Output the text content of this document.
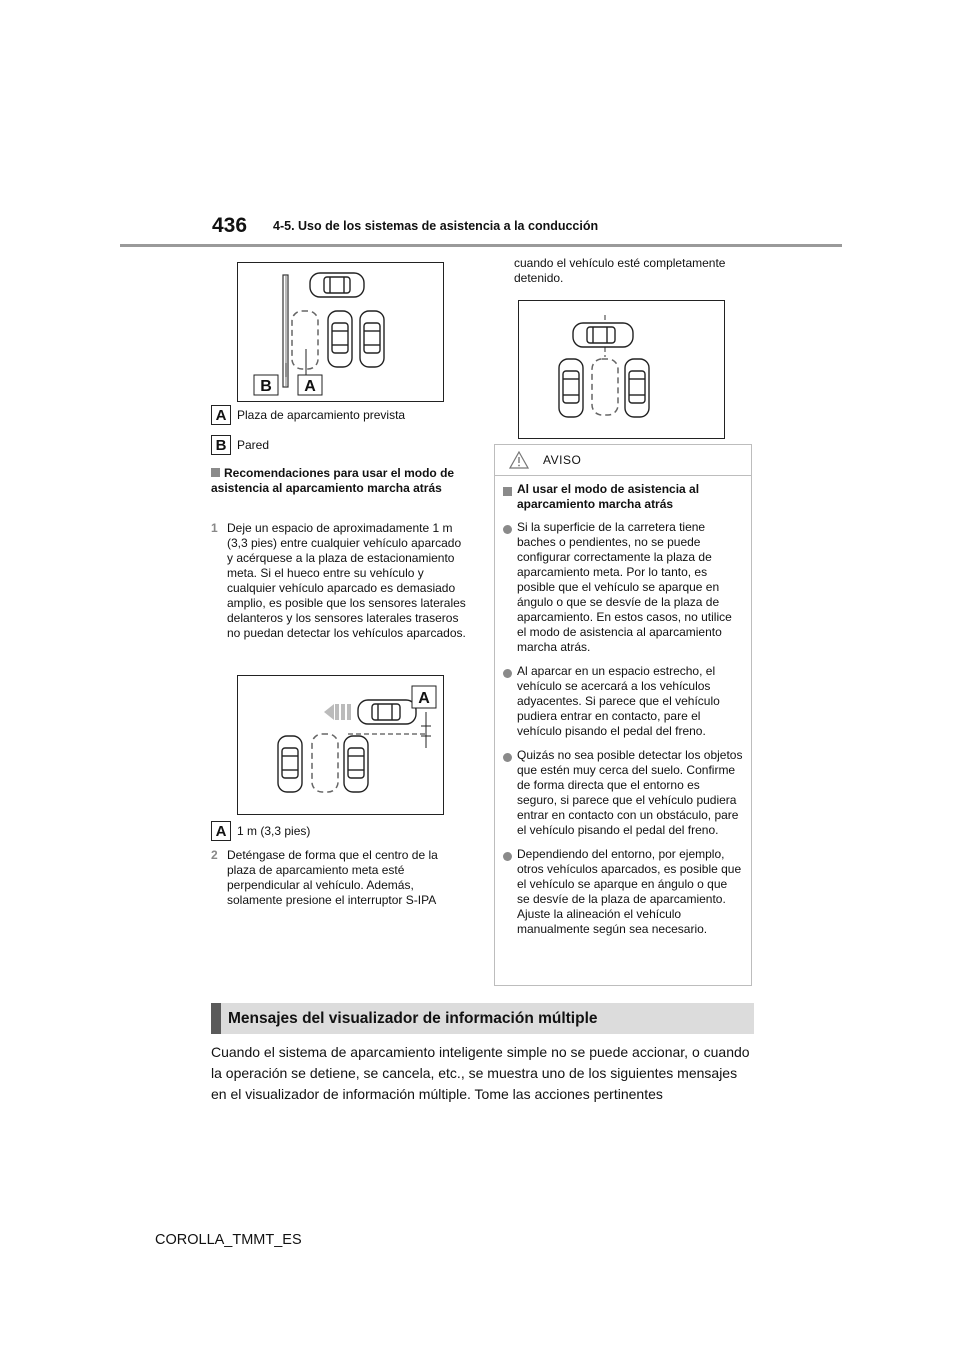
436 4-5. Uso de los sistemas de asistencia a la conducción
B A
A Plaza de aparcamiento prevista
B Pared
Recomendaciones para usar el modo de asistencia al aparcamiento marcha atrás
1 Deje un espacio de aproximadamente 1 m (3,3 pies) entre cualquier vehículo aparcado y acérquese a la plaza de estacionamiento meta. Si el hueco entre su vehículo y cualquier vehículo aparcado es demasiado amplio, es posible que los sensores laterales delanteros y los sensores laterales traseros no puedan detectar los vehículos aparcados.
A
A 1 m (3,3 pies)
2 Deténgase de forma que el centro de la plaza de aparcamiento meta esté perpendicular al vehículo. Además, solamente presione el interruptor S-IPA
cuando el vehículo esté completamente detenido.
AVISO
Al usar el modo de asistencia al aparcamiento marcha atrás
Si la superficie de la carretera tiene baches o pendientes, no se puede configurar correctamente la plaza de aparcamiento meta. Por lo tanto, es posible que el vehículo se aparque en ángulo o que se desvíe de la plaza de aparcamiento. En estos casos, no utilice el modo de asistencia al aparcamiento marcha atrás.
Al aparcar en un espacio estrecho, el vehículo se acercará a los vehículos adyacentes. Si parece que el vehículo pudiera entrar en contacto, pare el vehículo pisando el pedal del freno.
Quizás no sea posible detectar los objetos que estén muy cerca del suelo. Confirme de forma directa que el entorno es seguro, si parece que el vehículo pudiera entrar en contacto con un obstáculo, pare el vehículo pisando el pedal del freno.
Dependiendo del entorno, por ejemplo, otros vehículos aparcados, es posible que el vehículo se aparque en ángulo o que se desvíe de la plaza de aparcamiento. Ajuste la alineación el vehículo manualmente según sea necesario.
Mensajes del visualizador de información múltiple
Cuando el sistema de aparcamiento inteligente simple no se puede accionar, o cuando la operación se detiene, se cancela, etc., se muestra uno de los siguientes mensajes en el visualizador de información múltiple. Tome las acciones pertinentes
COROLLA_TMMT_ES
